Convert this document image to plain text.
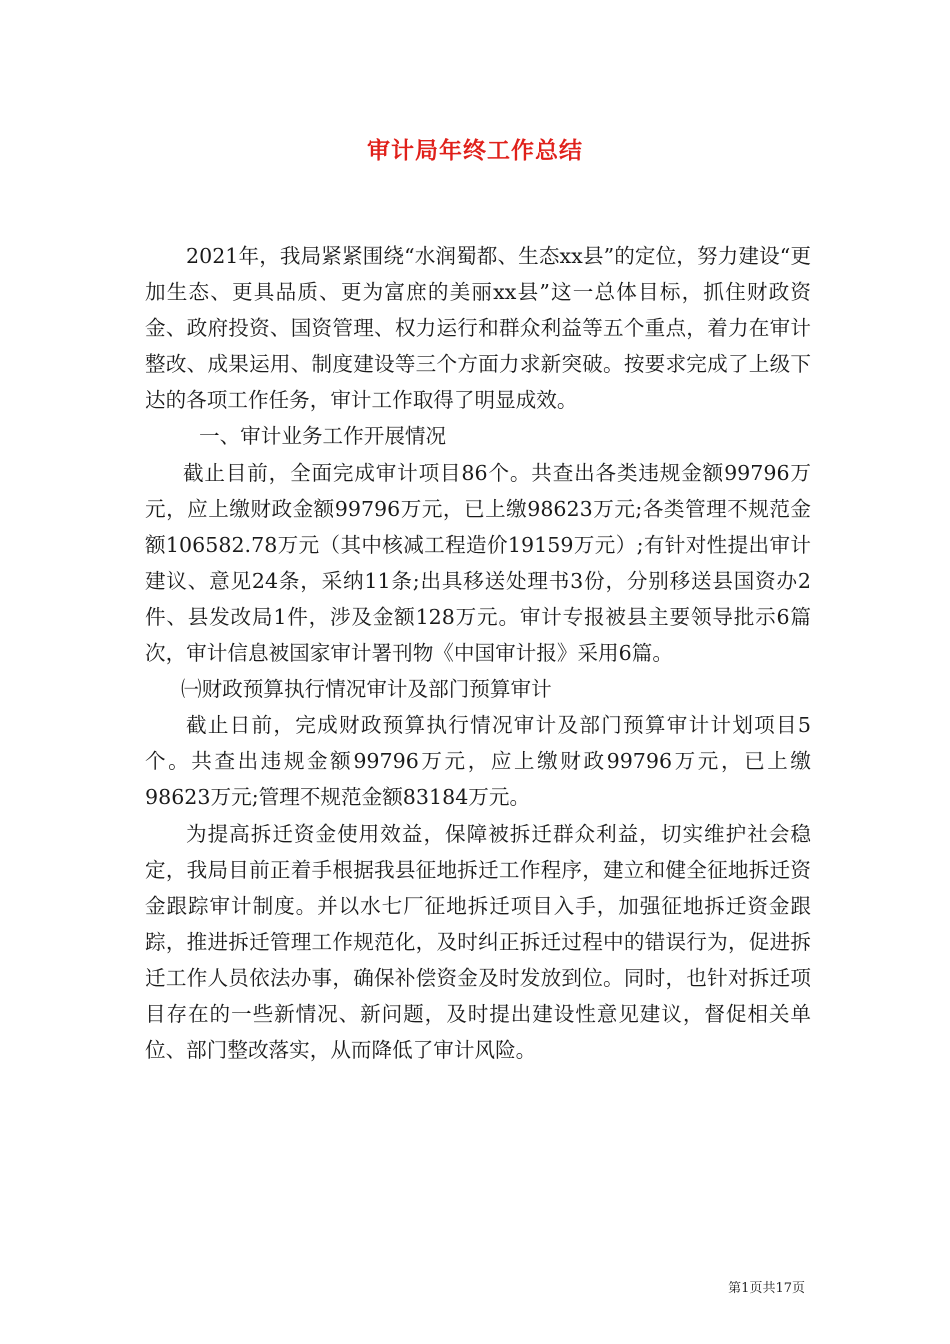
审计局年终工作总结

2021年，我局紧紧围绕“水润蜀都、生态xx县”的定位，努力建设“更加生态、更具品质、更为富庶的美丽xx县”这一总体目标，抓住财政资金、政府投资、国资管理、权力运行和群众利益等五个重点，着力在审计整改、成果运用、制度建设等三个方面力求新突破。按要求完成了上级下达的各项工作任务，审计工作取得了明显成效。

一、审计业务工作开展情况

截止目前，全面完成审计项目86个。共查出各类违规金额99796万元，应上缴财政金额99796万元，已上缴98623万元;各类管理不规范金额106582.78万元（其中核减工程造价19159万元）;有针对性提出审计建议、意见24条，采纳11条;出具移送处理书3份，分别移送县国资办2件、县发改局1件，涉及金额128万元。审计专报被县主要领导批示6篇次，审计信息被国家审计署刊物《中国审计报》采用6篇。

㈠财政预算执行情况审计及部门预算审计

截止日前，完成财政预算执行情况审计及部门预算审计计划项目5个。共查出违规金额99796万元，应上缴财政99796万元，已上缴98623万元;管理不规范金额83184万元。

为提高拆迁资金使用效益，保障被拆迁群众利益，切实维护社会稳定，我局目前正着手根据我县征地拆迁工作程序，建立和健全征地拆迁资金跟踪审计制度。并以水七厂征地拆迁项目入手，加强征地拆迁资金跟踪，推进拆迁管理工作规范化，及时纠正拆迁过程中的错误行为，促进拆迁工作人员依法办事，确保补偿资金及时发放到位。同时，也针对拆迁项目存在的一些新情况、新问题，及时提出建设性意见建议，督促相关单位、部门整改落实，从而降低了审计风险。

第1页共17页
